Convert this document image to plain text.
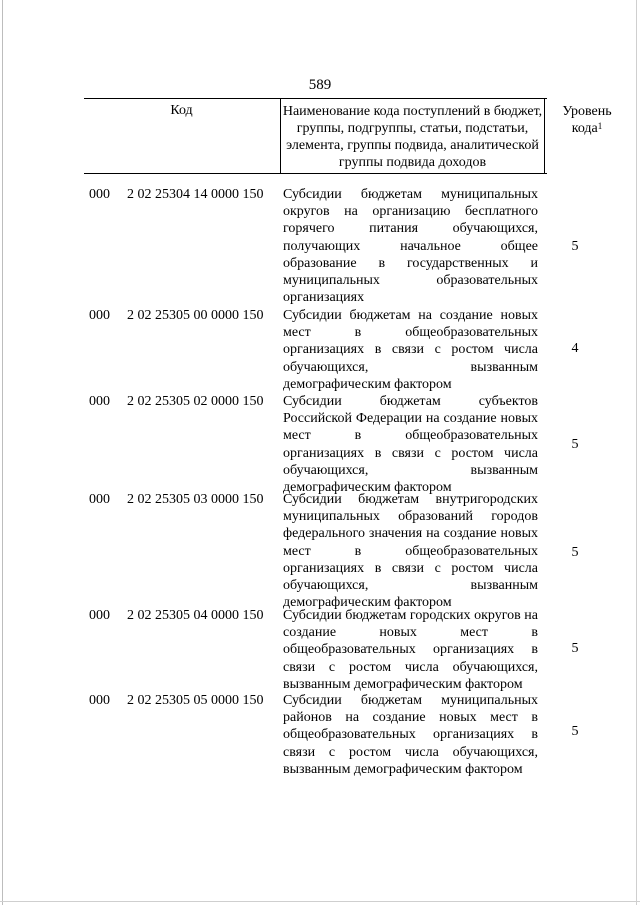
589
Код	Наименование кода поступлений в бюджет, группы, подгруппы, статьи, подстатьи, элемента, группы подвида, аналитической группы подвида доходов
Уровень кода$^1$
000 2 02 25304 14 0000 150 Субсидии бюджетам муниципальных округов на организацию бесплатного горячего питания обучающихся, получающих начальное общее образование в государственных и муниципальных образовательных организациях
5
000 2 02 25305 00 0000 150 Субсидии бюджетам на создание новых мест в общеобразовательных организациях в связи с ростом числа обучающихся, вызванным демографическим фактором
4
000 2 02 25305 02 0000 150 Субсидии бюджетам субъектов Российской Федерации на создание новых мест в общеобразовательных организациях в связи с ростом числа обучающихся, вызванным демографическим фактором
5
000 2 02 25305 03 0000 150 Субсидии бюджетам внутригородских муниципальных образований городов федерального значения на создание новых мест в общеобразовательных организациях в связи с ростом числа обучающихся, вызванным демографическим фактором
5
000 2 02 25305 04 0000 150 Субсидии бюджетам городских округов на создание новых мест в общеобразовательных организациях в связи с ростом числа обучающихся, вызванным демографическим фактором
5
000 2 02 25305 05 0000 150 Субсидии бюджетам муниципальных районов на создание новых мест в общеобразовательных организациях в связи с ростом числа обучающихся, вызванным демографическим фактором
5
